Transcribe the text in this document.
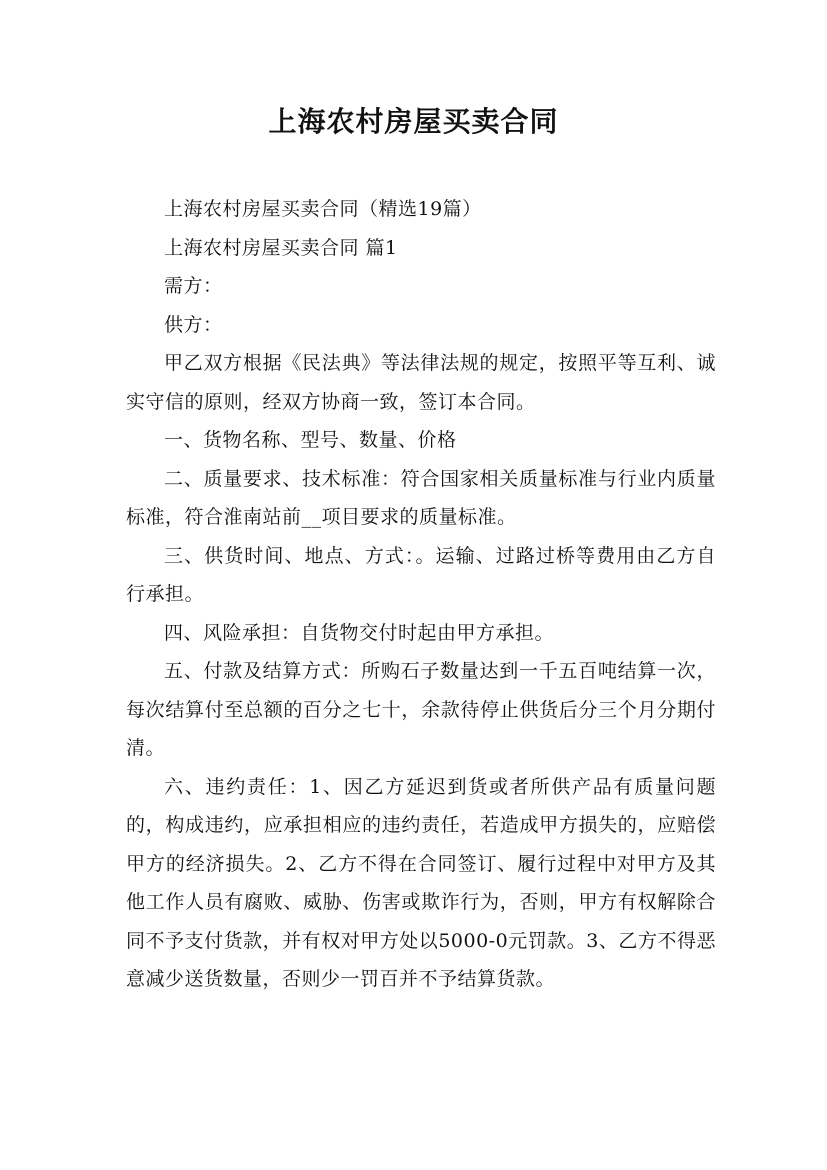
上海农村房屋买卖合同

上海农村房屋买卖合同（精选19篇）

上海农村房屋买卖合同 篇1

需方：

供方：

甲乙双方根据《民法典》等法律法规的规定，按照平等互利、诚实守信的原则，经双方协商一致，签订本合同。

一、货物名称、型号、数量、价格

二、质量要求、技术标准：符合国家相关质量标准与行业内质量标准，符合淮南站前__项目要求的质量标准。

三、供货时间、地点、方式：。运输、过路过桥等费用由乙方自行承担。

四、风险承担：自货物交付时起由甲方承担。

五、付款及结算方式：所购石子数量达到一千五百吨结算一次，每次结算付至总额的百分之七十，余款待停止供货后分三个月分期付清。

六、违约责任：1、因乙方延迟到货或者所供产品有质量问题的，构成违约，应承担相应的违约责任，若造成甲方损失的，应赔偿甲方的经济损失。2、乙方不得在合同签订、履行过程中对甲方及其他工作人员有腐败、威胁、伤害或欺诈行为，否则，甲方有权解除合同不予支付货款，并有权对甲方处以5000-0元罚款。3、乙方不得恶意减少送货数量，否则少一罚百并不予结算货款。
